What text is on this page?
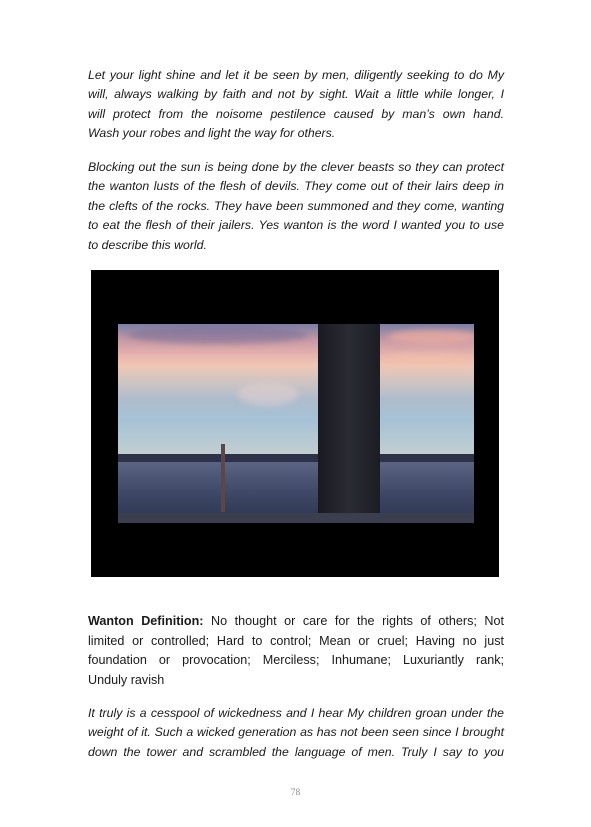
Let your light shine and let it be seen by men, diligently seeking to do My
will, always walking by faith and not by sight. Wait a little while longer, I
will protect from the noisome pestilence caused by man’s own hand.
Wash your robes and light the way for others.

Blocking out the sun is being done by the clever beasts so they can protect
the wanton lusts of the flesh of devils. They come out of their lairs deep in
the clefts of the rocks. They have been summoned and they come, wanting
to eat the flesh of their jailers. Yes wanton is the word I wanted you to use
to describe this world.

Wanton Definition: No thought or care for the rights of others; Not
limited or controlled; Hard to control; Mean or cruel; Having no just
foundation or provocation; Merciless; Inhumane; Luxuriantly rank;
Unduly ravish

It truly is a cesspool of wickedness and I hear My children groan under the
weight of it. Such a wicked generation as has not been seen since I brought
down the tower and scrambled the language of men. Truly I say to you

78
